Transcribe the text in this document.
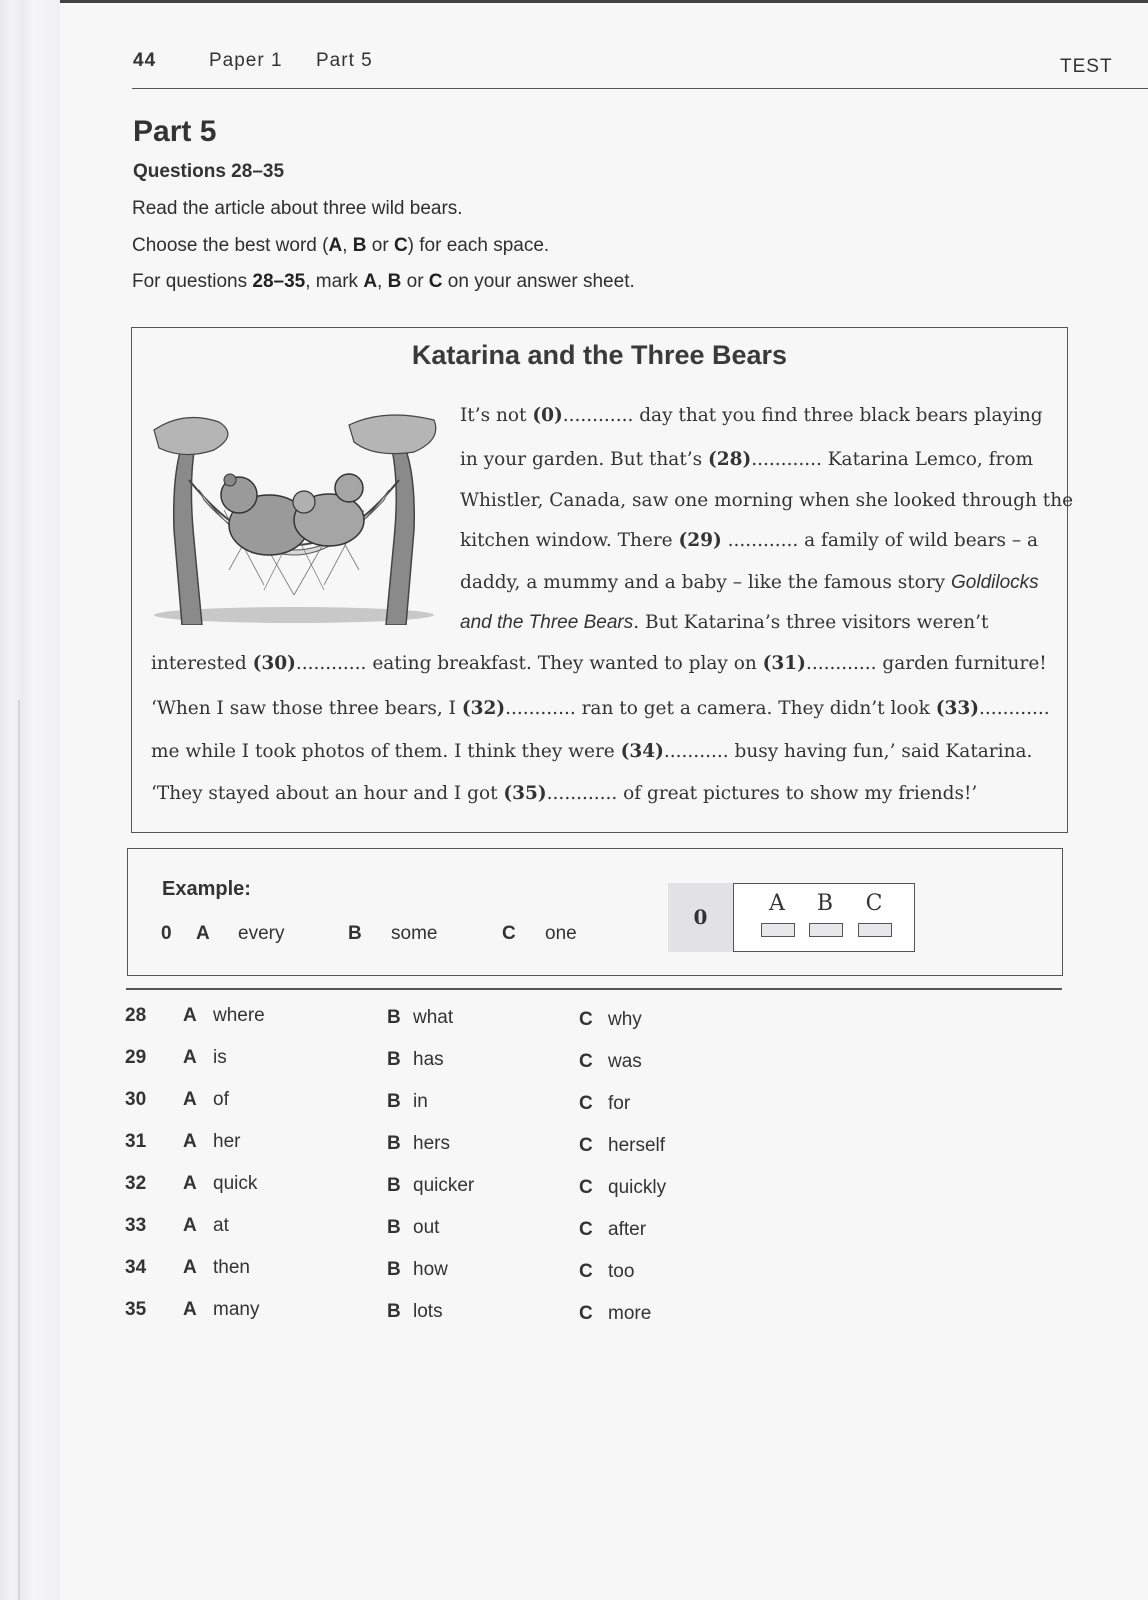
44	Paper 1 Part 5	TEST
Part 5
Questions 28–35
Read the article about three wild bears.
Choose the best word (A, B or C) for each space.
For questions 28–35, mark A, B or C on your answer sheet.
Katarina and the Three Bears
It’s not (0)............ day that you find three black bears playing
in your garden. But that’s (28)............ Katarina Lemco, from
Whistler, Canada, saw one morning when she looked through the
kitchen window. There (29) ............ a family of wild bears – a
daddy, a mummy and a baby – like the famous story Goldilocks
and the Three Bears. But Katarina’s three visitors weren’t
interested (30)............ eating breakfast. They wanted to play on (31)............ garden furniture!
‘When I saw those three bears, I (32)............ ran to get a camera. They didn’t look (33)............
me while I took photos of them. I think they were (34)........... busy having fun,’ said Katarina.
‘They stayed about an hour and I got (35)............ of great pictures to show my friends!’
Example:
0 A every	B some	C one
0
A	B	C
28 A where	B what	C why
29 A is	B has	C was
30 A of	B in	C for
31 A her	B hers	C herself
32 A quick	B quicker	C quickly
33 A at	B out	C after
34 A then	B how	C too
35 A many	B lots	C more
